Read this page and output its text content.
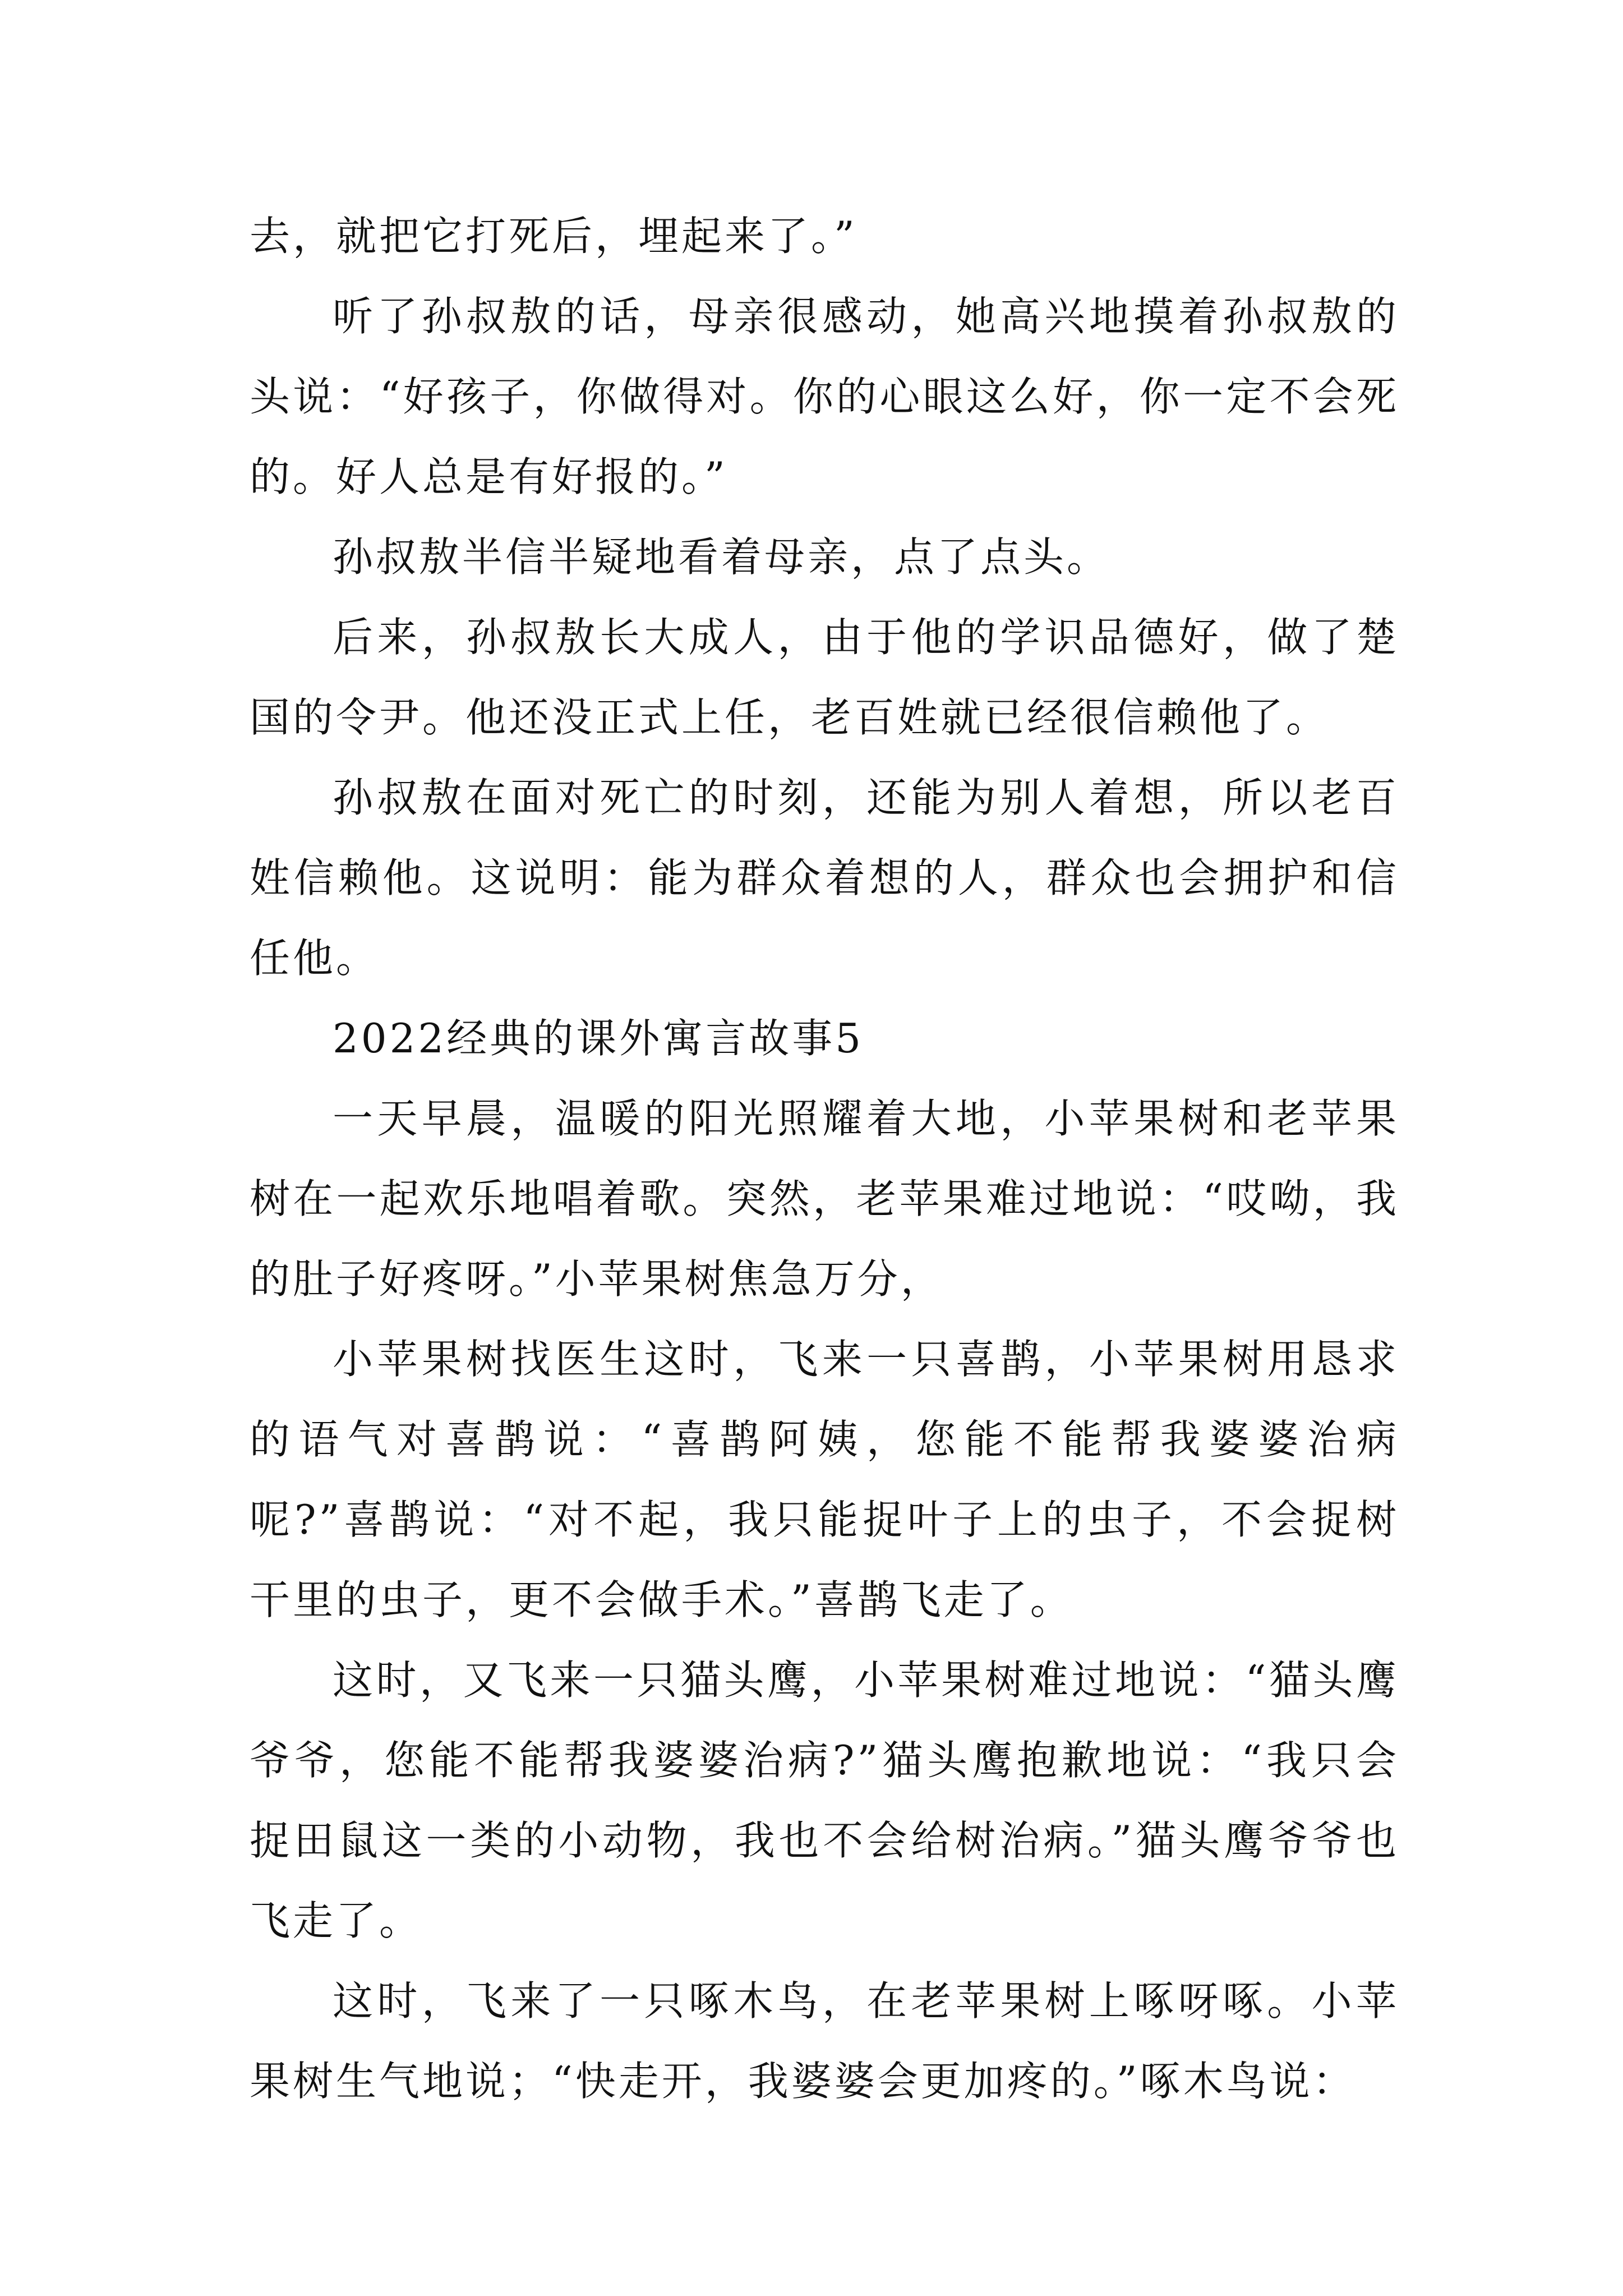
去，就把它打死后，埋起来了。”

听了孙叔敖的话，母亲很感动，她高兴地摸着孙叔敖的头说：“好孩子，你做得对。你的心眼这么好，你一定不会死的。好人总是有好报的。”

孙叔敖半信半疑地看着母亲，点了点头。

后来，孙叔敖长大成人，由于他的学识品德好，做了楚国的令尹。他还没正式上任，老百姓就已经很信赖他了。

孙叔敖在面对死亡的时刻，还能为别人着想，所以老百姓信赖他。这说明：能为群众着想的人，群众也会拥护和信任他。

2022经典的课外寓言故事5

一天早晨，温暖的阳光照耀着大地，小苹果树和老苹果树在一起欢乐地唱着歌。突然，老苹果难过地说：“哎呦，我的肚子好疼呀。”小苹果树焦急万分，

小苹果树找医生这时，飞来一只喜鹊，小苹果树用恳求的语气对喜鹊说：“喜鹊阿姨，您能不能帮我婆婆治病呢?”喜鹊说：“对不起，我只能捉叶子上的虫子，不会捉树干里的虫子，更不会做手术。”喜鹊飞走了。

这时，又飞来一只猫头鹰，小苹果树难过地说：“猫头鹰爷爷，您能不能帮我婆婆治病?”猫头鹰抱歉地说：“我只会捉田鼠这一类的小动物，我也不会给树治病。”猫头鹰爷爷也飞走了。

这时，飞来了一只啄木鸟，在老苹果树上啄呀啄。小苹果树生气地说；“快走开，我婆婆会更加疼的。”啄木鸟说：
